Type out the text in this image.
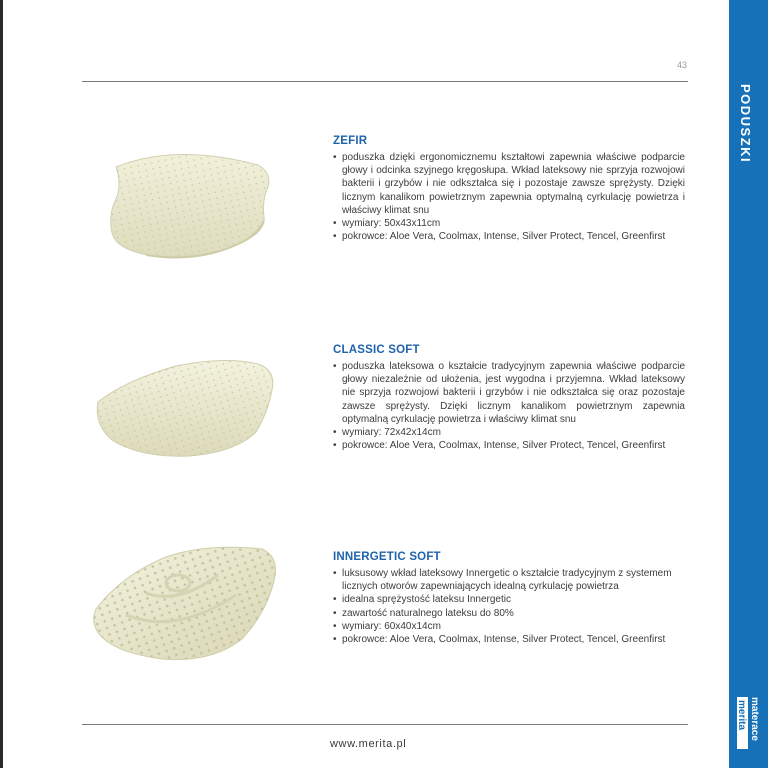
43
ZEFIR
• poduszka dzięki ergonomicznemu kształtowi zapewnia właściwe podparcie głowy i odcinka szyjnego kręgosłupa. Wkład lateksowy nie sprzyja rozwojowi bakterii i grzybów i nie odkształca się i pozostaje zawsze sprężysty. Dzięki licznym kanalikom powietrznym zapewnia optymalną cyrkulację powietrza i właściwy klimat snu
• wymiary: 50x43x11cm
• pokrowce: Aloe Vera, Coolmax, Intense, Silver Protect, Tencel, Greenfirst
CLASSIC SOFT
• poduszka lateksowa o kształcie tradycyjnym zapewnia właściwe podparcie głowy niezależnie od ułożenia, jest wygodna i przyjemna. Wkład lateksowy nie sprzyja rozwojowi bakterii i grzybów i nie odkształca się oraz pozostaje zawsze sprężysty. Dzięki licznym kanalikom powietrznym zapewnia optymalną cyrkulację powietrza i właściwy klimat snu
• wymiary: 72x42x14cm
• pokrowce: Aloe Vera, Coolmax, Intense, Silver Protect, Tencel, Greenfirst
INNERGETIC SOFT
• luksusowy wkład lateksowy Innergetic o kształcie tradycyjnym z systemem licznych otworów zapewniających idealną cyrkulację powietrza
• idealna sprężystość lateksu Innergetic
• zawartość naturalnego lateksu do 80%
• wymiary: 60x40x14cm
• pokrowce: Aloe Vera, Coolmax, Intense, Silver Protect, Tencel, Greenfirst
www.merita.pl
PODUSZKI
materace
merita
